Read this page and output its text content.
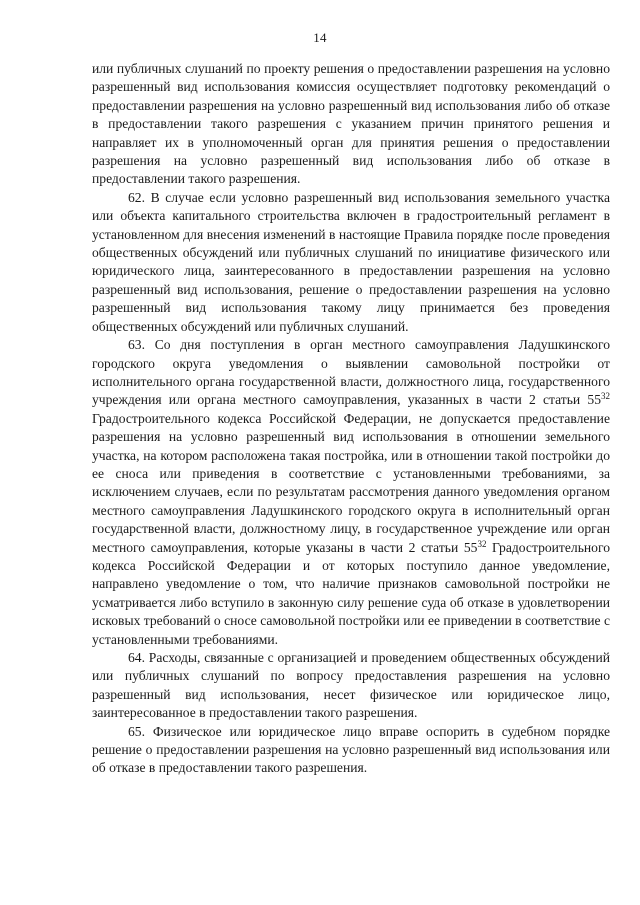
14

или публичных слушаний по проекту решения о предоставлении разрешения на условно разрешенный вид использования комиссия осуществляет подготовку рекомендаций о предоставлении разрешения на условно разрешенный вид использования либо об отказе в предоставлении такого разрешения с указанием причин принятого решения и направляет их в уполномоченный орган для принятия решения о предоставлении разрешения на условно разрешенный вид использования либо об отказе в предоставлении такого разрешения.

62. В случае если условно разрешенный вид использования земельного участка или объекта капитального строительства включен в градостроительный регламент в установленном для внесения изменений в настоящие Правила порядке после проведения общественных обсуждений или публичных слушаний по инициативе физического или юридического лица, заинтересованного в предоставлении разрешения на условно разрешенный вид использования, решение о предоставлении разрешения на условно разрешенный вид использования такому лицу принимается без проведения общественных обсуждений или публичных слушаний.

63. Со дня поступления в орган местного самоуправления Ладушкинского городского округа уведомления о выявлении самовольной постройки от исполнительного органа государственной власти, должностного лица, государственного учреждения или органа местного самоуправления, указанных в части 2 статьи $55^{32}$ Градостроительного кодекса Российской Федерации, не допускается предоставление разрешения на условно разрешенный вид использования в отношении земельного участка, на котором расположена такая постройка, или в отношении такой постройки до ее сноса или приведения в соответствие с установленными требованиями, за исключением случаев, если по результатам рассмотрения данного уведомления органом местного самоуправления Ладушкинского городского округа в исполнительный орган государственной власти, должностному лицу, в государственное учреждение или орган местного самоуправления, которые указаны в части 2 статьи $55^{32}$ Градостроительного кодекса Российской Федерации и от которых поступило данное уведомление, направлено уведомление о том, что наличие признаков самовольной постройки не усматривается либо вступило в законную силу решение суда об отказе в удовлетворении исковых требований о сносе самовольной постройки или ее приведении в соответствие с установленными требованиями.

64. Расходы, связанные с организацией и проведением общественных обсуждений или публичных слушаний по вопросу предоставления разрешения на условно разрешенный вид использования, несет физическое или юридическое лицо, заинтересованное в предоставлении такого разрешения.

65. Физическое или юридическое лицо вправе оспорить в судебном порядке решение о предоставлении разрешения на условно разрешенный вид использования или об отказе в предоставлении такого разрешения.
